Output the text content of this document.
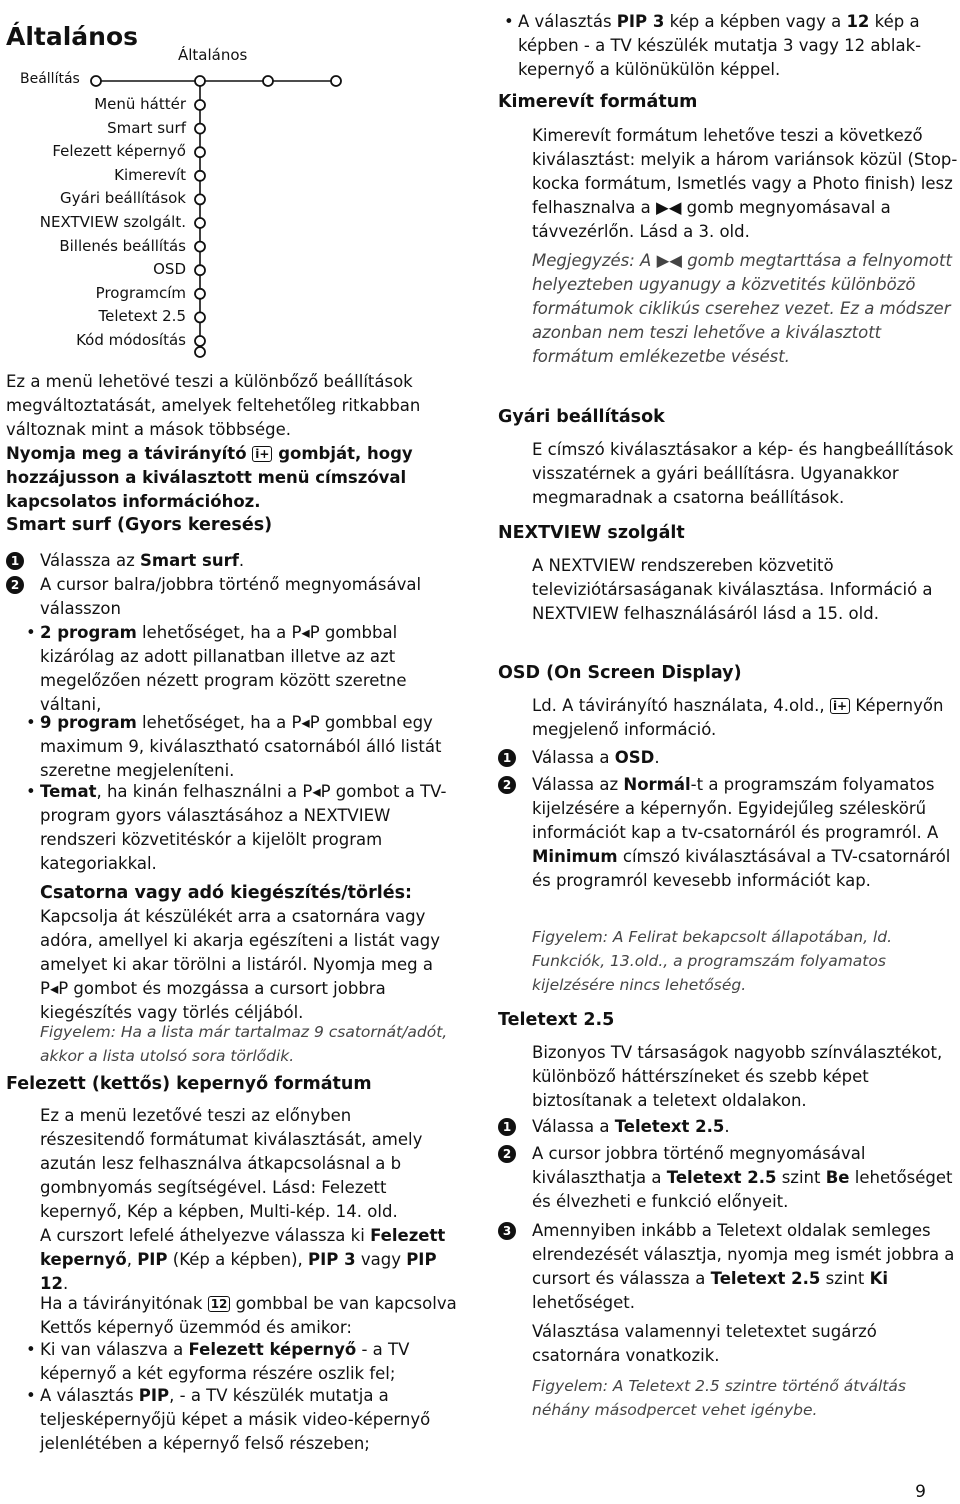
Általános
Általános
Beállítás
Menü háttér
Smart surf
Felezett képernyő
Kimerevít
Gyári beállítások
NEXTVIEW szolgált.
Billenés beállítás
OSD
Programcím
Teletext 2.5
Kód módosítás

Ez a menü lehetövé teszi a különbőző beállítások megváltoztatását, amelyek feltehetőleg ritkabban változnak mint a mások többsége.

Nyomja meg a távirányító i+ gombját, hogy hozzájusson a kiválasztott menü címszóval kapcsolatos információhoz.

Smart surf (Gyors keresés)

1 Válassza az Smart surf.

2 A cursor balra/jobbra történő megnyomásával válasszon

• 2 program lehetőséget, ha a P◂P gombbal kizárólag az adott pillanatban illetve az azt megelőzően nézett program között szeretne váltani,

• 9 program lehetőséget, ha a P◂P gombbal egy maximum 9, kiválasztható csatornából álló listát szeretne megjeleníteni.

• Temat, ha kinán felhasználni a P◂P gombot a TV-program gyors választásához a NEXTVIEW rendszeri közvetitéskór a kijelölt program kategoriakkal.

Csatorna vagy adó kiegészítés/törlés:

Kapcsolja át készülékét arra a csatornára vagy adóra, amellyel ki akarja egészíteni a listát vagy amelyet ki akar törölni a listáról. Nyomja meg a P◂P gombot és mozgássa a cursort jobbra kiegészítés vagy törlés céljából.

Figyelem: Ha a lista már tartalmaz 9 csatornát/adót, akkor a lista utolsó sora törlődik.

Felezett (kettős) kepernyő formátum

Ez a menü lezetővé teszi az előnyben részesitendő formátumat kiválasztását, amely azután lesz felhasználva átkapcsolásnal a b gombnyomás segítségével. Lásd: Felezett kepernyő, Kép a képben, Multi-kép. 14. old.

A curszort lefelé áthelyezve válassza ki Felezett kepernyő, PIP (Kép a képben), PIP 3 vagy PIP 12.

Ha a távirányitónak 12 gombbal be van kapcsolva Kettős képernyő üzemmód és amikor:

• Ki van válaszva a Felezett képernyő - a TV képernyő a két egyforma részére oszlik fel;

• A választás PIP, - a TV készülék mutatja a teljesképernyőjü képet a másik video-képernyő jelenlétében a képernyő felső részeben;

• A választás PIP 3 kép a képben vagy a 12 kép a képben - a TV készülék mutatja 3 vagy 12 ablak-kepernyő a különükülön képpel.

Kimerevít formátum

Kimerevít formátum lehetőve teszi a következő kiválasztást: melyik a három variánsok közül (Stop-kocka formátum, Ismetlés vagy a Photo finish) lesz felhasznalva a ▶◀ gomb megnyomásaval a távvezérlőn. Lásd a 3. old.

Megjegyzés: A ▶◀ gomb megtarttása a felnyomott helyezteben ugyanugy a közvetités különbözö formátumok ciklikús cserehez vezet. Ez a módszer azonban nem teszi lehetőve a kiválasztott formátum emlékezetbe vésést.

Gyári beállítások

E címszó kiválasztásakor a kép- és hangbeállítások visszatérnek a gyári beállításra. Ugyanakkor megmaradnak a csatorna beállítások.

NEXTVIEW szolgált

A NEXTVIEW rendszereben közvetitö televiziótársaságanak kiválasztása. Információ a NEXTVIEW felhasználásáról lásd a 15. old.

OSD (On Screen Display)

Ld. A távirányító használata, 4.old., i+ Képernyőn megjelenő információ.

1 Válassa a OSD.

2 Válassa az Normál-t a programszám folyamatos kijelzésére a képernyőn. Egyidejűleg széleskörű információt kap a tv-csatornáról és programról. A Minimum címszó kiválasztásával a TV-csatornáról és programról kevesebb információt kap.

Figyelem: A Felirat bekapcsolt állapotában, ld. Funkciók, 13.old., a programszám folyamatos kijelzésére nincs lehetőség.

Teletext 2.5

Bizonyos TV társaságok nagyobb színválasztékot, különböző háttérszíneket és szebb képet biztosítanak a teletext oldalakon.

1 Válassa a Teletext 2.5.

2 A cursor jobbra történő megnyomásával kiválaszthatja a Teletext 2.5 szint Be lehetőséget és élvezheti e funkció előnyeit.

3 Amennyiben inkább a Teletext oldalak semleges elrendezését választja, nyomja meg ismét jobbra a cursort és válassza a Teletext 2.5 szint Ki lehetőséget.

Választása valamennyi teletextet sugárzó csatornára vonatkozik.

Figyelem: A Teletext 2.5 szintre történő átváltás néhány másodpercet vehet igénybe.

9
